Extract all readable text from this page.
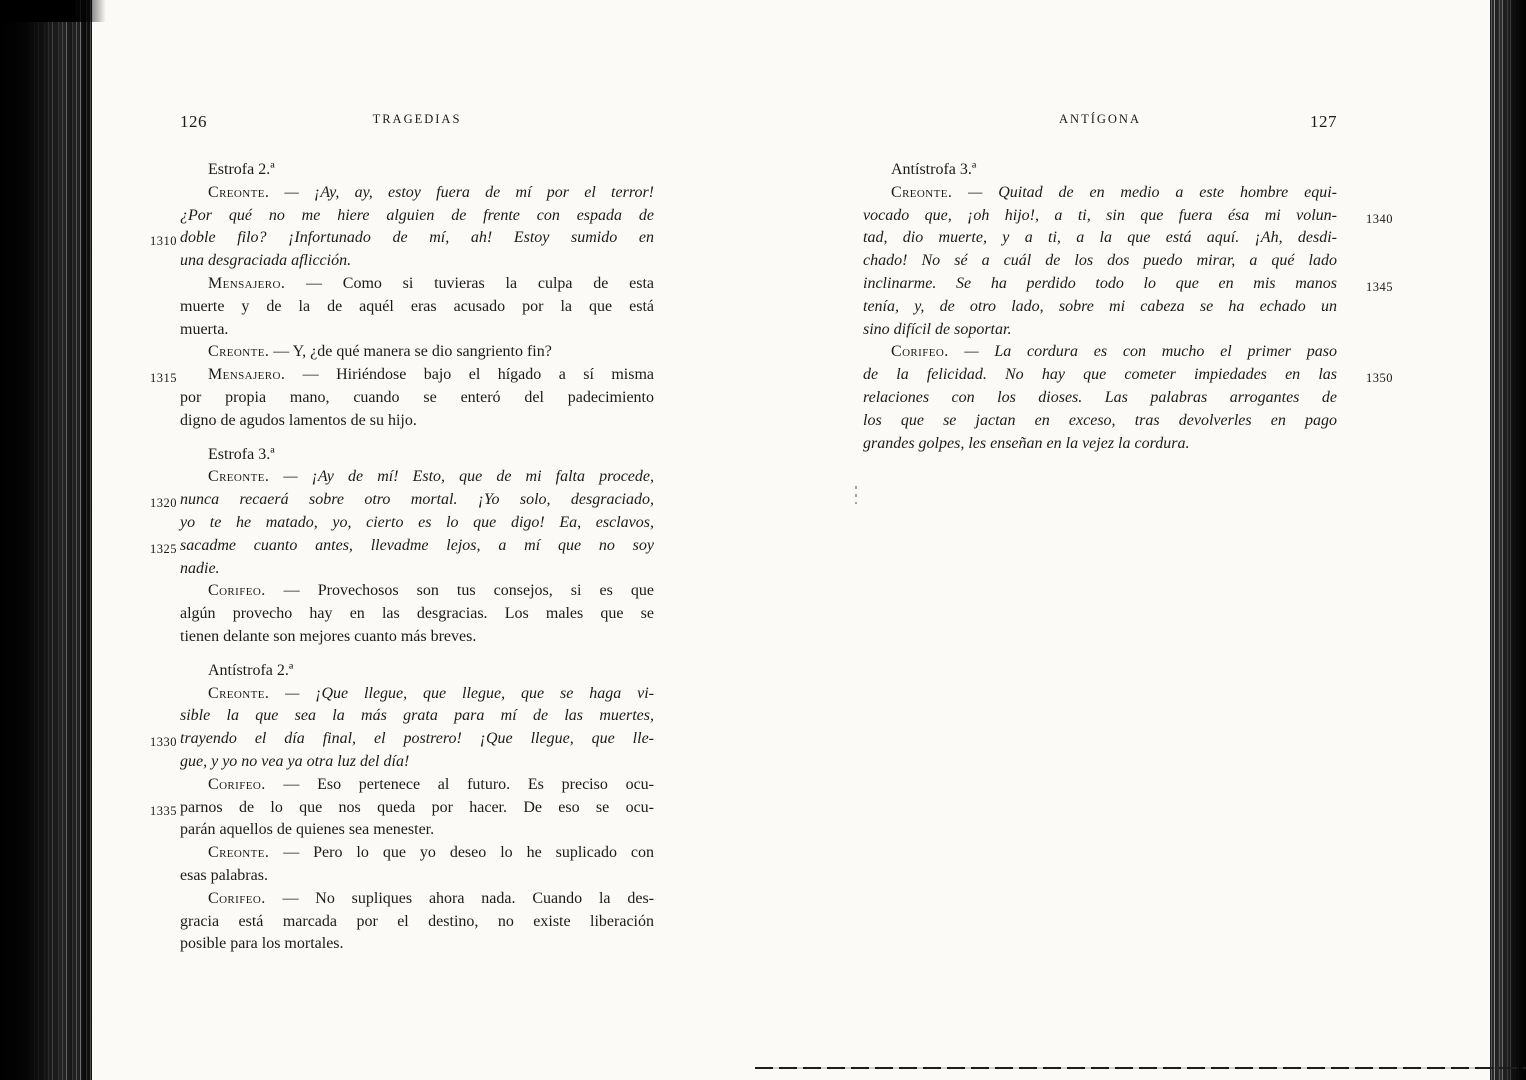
126	TRAGEDIAS
Estrofa 2.ª
Creonte. — ¡Ay, ay, estoy fuera de mí por el terror!
¿Por qué no me hiere alguien de frente con espada de
1310 doble filo? ¡Infortunado de mí, ah! Estoy sumido en
una desgraciada aflicción.
Mensajero. — Como si tuvieras la culpa de esta
muerte y de la de aquél eras acusado por la que está
muerta.
Creonte. — Y, ¿de qué manera se dio sangriento fin?
1315 Mensajero. — Hiriéndose bajo el hígado a sí misma
por propia mano, cuando se enteró del padecimiento
digno de agudos lamentos de su hijo.
Estrofa 3.ª
Creonte. — ¡Ay de mí! Esto, que de mi falta procede,
1320 nunca recaerá sobre otro mortal. ¡Yo solo, desgraciado,
yo te he matado, yo, cierto es lo que digo! Ea, esclavos,
1325 sacadme cuanto antes, llevadme lejos, a mí que no soy
nadie.
Corifeo. — Provechosos son tus consejos, si es que
algún provecho hay en las desgracias. Los males que se
tienen delante son mejores cuanto más breves.
Antístrofa 2.ª
Creonte. — ¡Que llegue, que llegue, que se haga vi-
sible la que sea la más grata para mí de las muertes,
1330 trayendo el día final, el postrero! ¡Que llegue, que lle-
gue, y yo no vea ya otra luz del día!
Corifeo. — Eso pertenece al futuro. Es preciso ocu-
1335 parnos de lo que nos queda por hacer. De eso se ocu-
parán aquellos de quienes sea menester.
Creonte. — Pero lo que yo deseo lo he suplicado con
esas palabras.
Corifeo. — No supliques ahora nada. Cuando la des-
gracia está marcada por el destino, no existe liberación
posible para los mortales.
ANTÍGONA	127
Antístrofa 3.ª
Creonte. — Quitad de en medio a este hombre equi-
1340
vocado que, ¡oh hijo!, a ti, sin que fuera ésa mi volun-
tad, dio muerte, y a ti, a la que está aquí. ¡Ah, desdi-
chado! No sé a cuál de los dos puedo mirar, a qué lado
1345
inclinarme. Se ha perdido todo lo que en mis manos
tenía, y, de otro lado, sobre mi cabeza se ha echado un
sino difícil de soportar.
Corifeo. — La cordura es con mucho el primer paso
1350
de la felicidad. No hay que cometer impiedades en las
relaciones con los dioses. Las palabras arrogantes de
los que se jactan en exceso, tras devolverles en pago
grandes golpes, les enseñan en la vejez la cordura.
